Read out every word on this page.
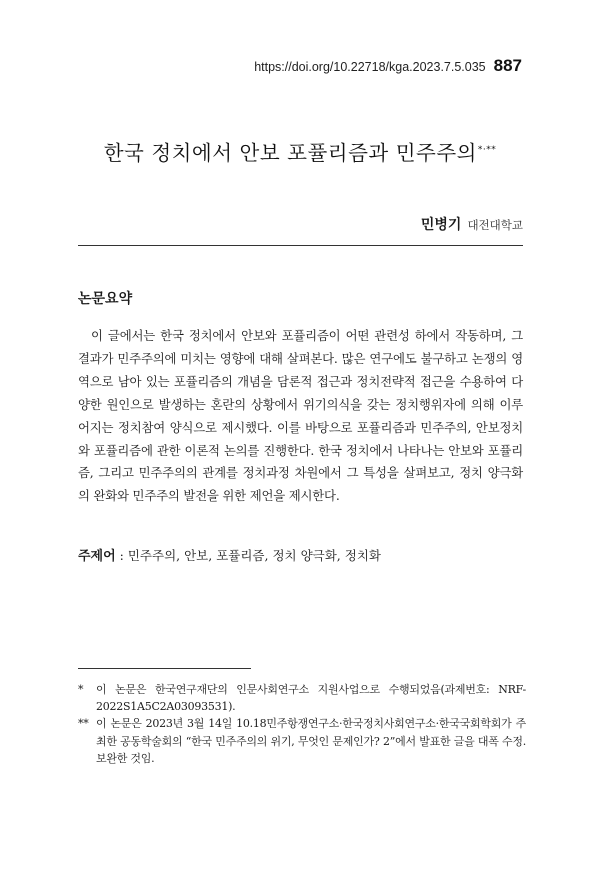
https://doi.org/10.22718/kga.2023.7.5.035 887
한국 정치에서 안보 포퓰리즘과 민주주의*·**
민병기 대전대학교
논문요약

이 글에서는 한국 정치에서 안보와 포퓰리즘이 어떤 관련성 하에서 작동하며, 그 결과가 민주주의에 미치는 영향에 대해 살펴본다. 많은 연구에도 불구하고 논쟁의 영역으로 남아 있는 포퓰리즘의 개념을 담론적 접근과 정치전략적 접근을 수용하여 다양한 원인으로 발생하는 혼란의 상황에서 위기의식을 갖는 정치행위자에 의해 이루어지는 정치참여 양식으로 제시했다. 이를 바탕으로 포퓰리즘과 민주주의, 안보정치와 포퓰리즘에 관한 이론적 논의를 진행한다. 한국 정치에서 나타나는 안보와 포퓰리즘, 그리고 민주주의의 관계를 정치과정 차원에서 그 특성을 살펴보고, 정치 양극화의 완화와 민주주의 발전을 위한 제언을 제시한다.

주제어 : 민주주의, 안보, 포퓰리즘, 정치 양극화, 정치화
*	이 논문은 한국연구재단의 인문사회연구소 지원사업으로 수행되었음(과제번호: NRF-2022S1A5C2A03093531).
** 이 논문은 2023년 3월 14일 10.18민주항쟁연구소·한국정치사회연구소·한국국회학회가 주최한 공동학술회의 “한국 민주주의의 위기, 무엇인 문제인가? 2”에서 발표한 글을 대폭 수정.보완한 것임.
